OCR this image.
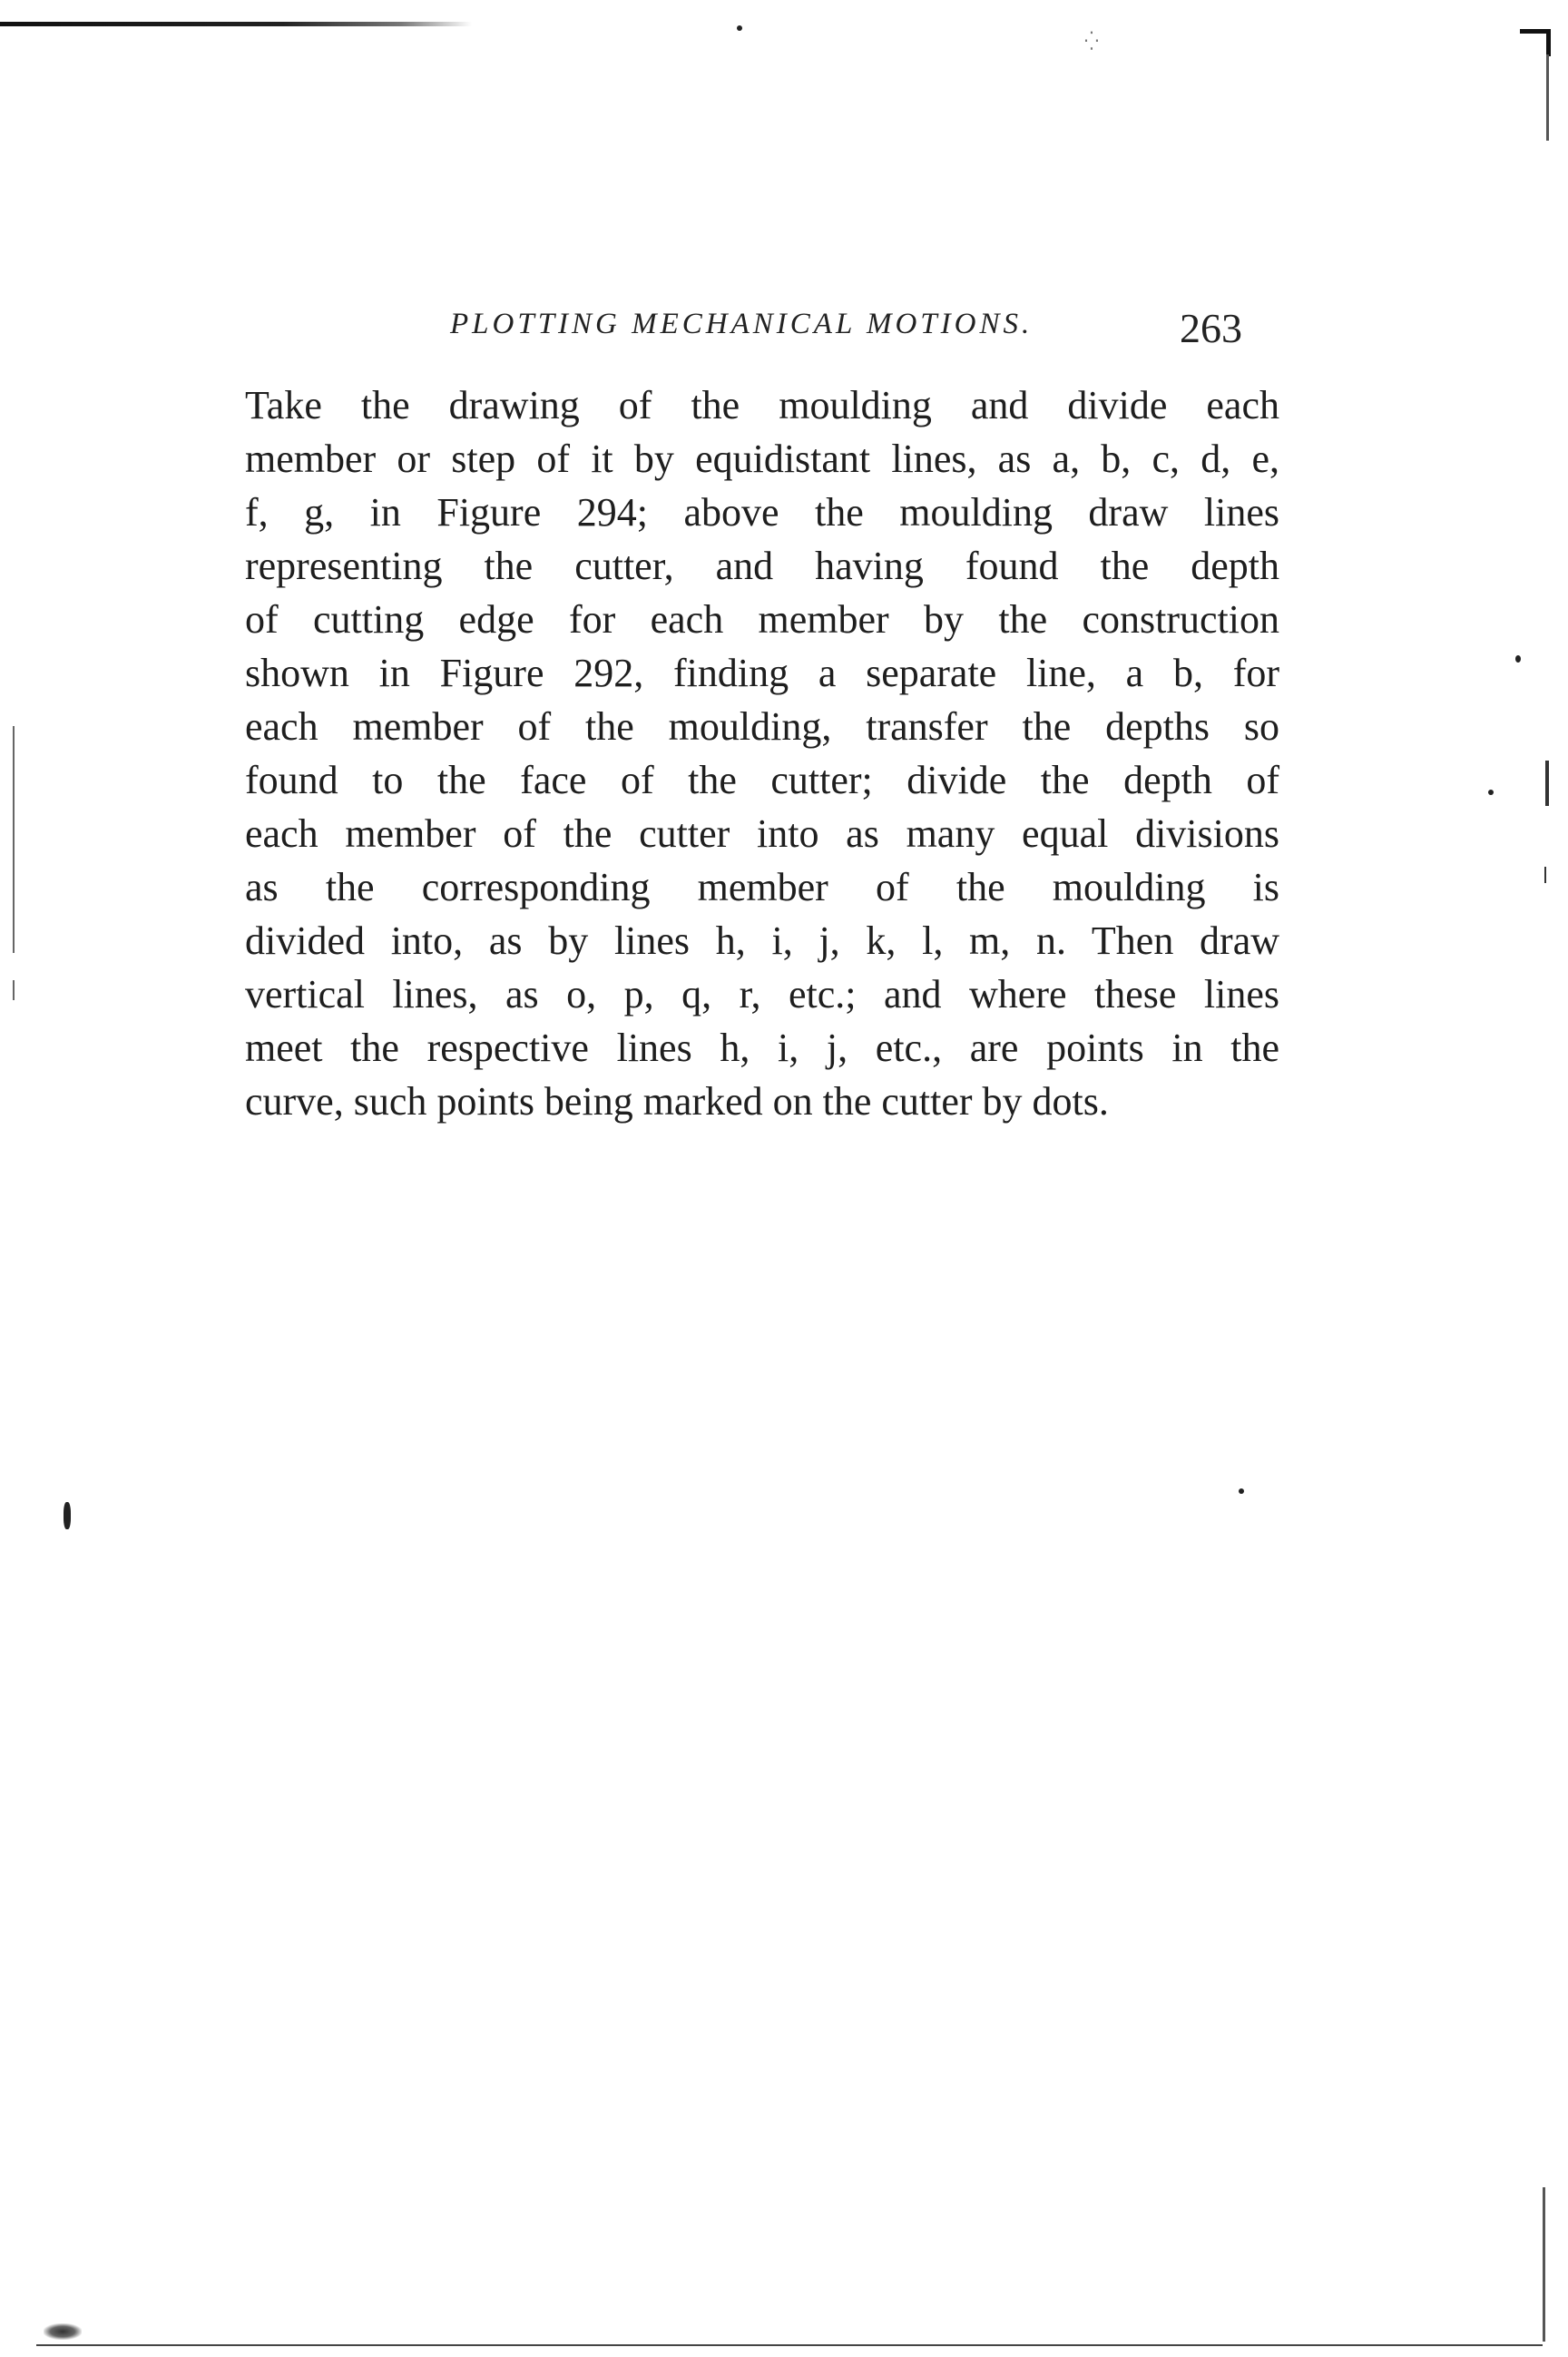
⁛
PLOTTING MECHANICAL MOTIONS.	263
Take the drawing of the moulding and divide each
member or step of it by equidistant lines, as a, b, c, d, e,
f, g, in Figure 294; above the moulding draw lines
representing the cutter, and having found the depth
of cutting edge for each member by the construction
shown in Figure 292, finding a separate line, a b, for
each member of the moulding, transfer the depths so
found to the face of the cutter; divide the depth of
each member of the cutter into as many equal divisions
as the corresponding member of the moulding is
divided into, as by lines h, i, j, k, l, m, n. Then draw
vertical lines, as o, p, q, r, etc.; and where these lines
meet the respective lines h, i, j, etc., are points in the
curve, such points being marked on the cutter by dots.
